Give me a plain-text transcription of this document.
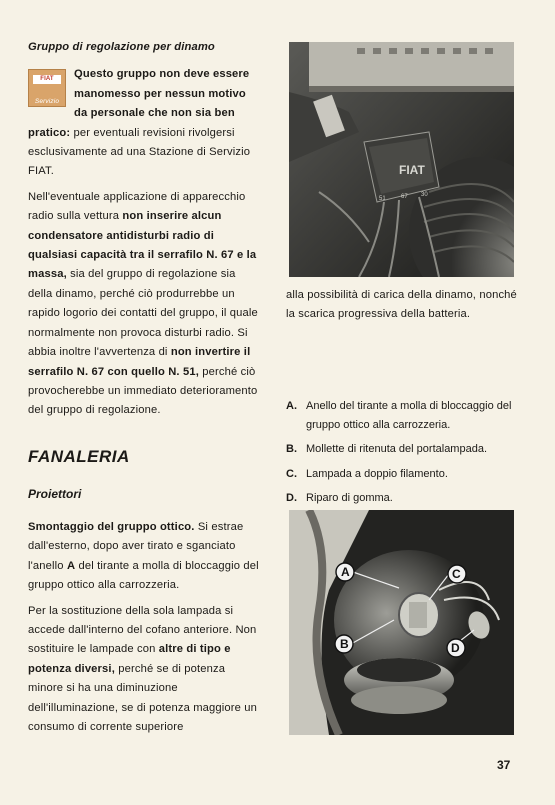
Gruppo di regolazione per dinamo

FIAT
Servizio

Questo gruppo non deve essere manomesso per nessun motivo da personale che non sia ben pratico: per eventuali revisioni rivolgersi esclusivamente ad una Stazione di Servizio FIAT.

Nell'eventuale applicazione di apparecchio radio sulla vettura non inserire alcun condensatore antidisturbi radio di qualsiasi capacità tra il serrafilo N. 67 e la massa, sia del gruppo di regolazione sia della dinamo, perché ciò produrrebbe un rapido logorio dei contatti del gruppo, il quale normalmente non provoca disturbi radio. Si abbia inoltre l'avvertenza di non invertire il serrafilo N. 67 con quello N. 51, perché ciò provocherebbe un immediato deterioramento del gruppo di regolazione.

FANALERIA
Proiettori

Smontaggio del gruppo ottico. Si estrae dall'esterno, dopo aver tirato e sganciato l'anello A del tirante a molla di bloccaggio del gruppo ottico alla carrozzeria.

Per la sostituzione della sola lampada si accede dall'interno del cofano anteriore. Non sostituire le lampade con altre di tipo e potenza diversi, perché se di potenza minore si ha una diminuzione dell'illuminazione, se di potenza maggiore un consumo di corrente superiore

FIAT
51	67 30

alla possibilità di carica della dinamo, nonché la scarica progressiva della batteria.

A. Anello del tirante a molla di bloccaggio del gruppo ottico alla carrozzeria.
B. Mollette di ritenuta del portalampada.
C. Lampada a doppio filamento.
D. Riparo di gomma.
A	C
B	D
37
